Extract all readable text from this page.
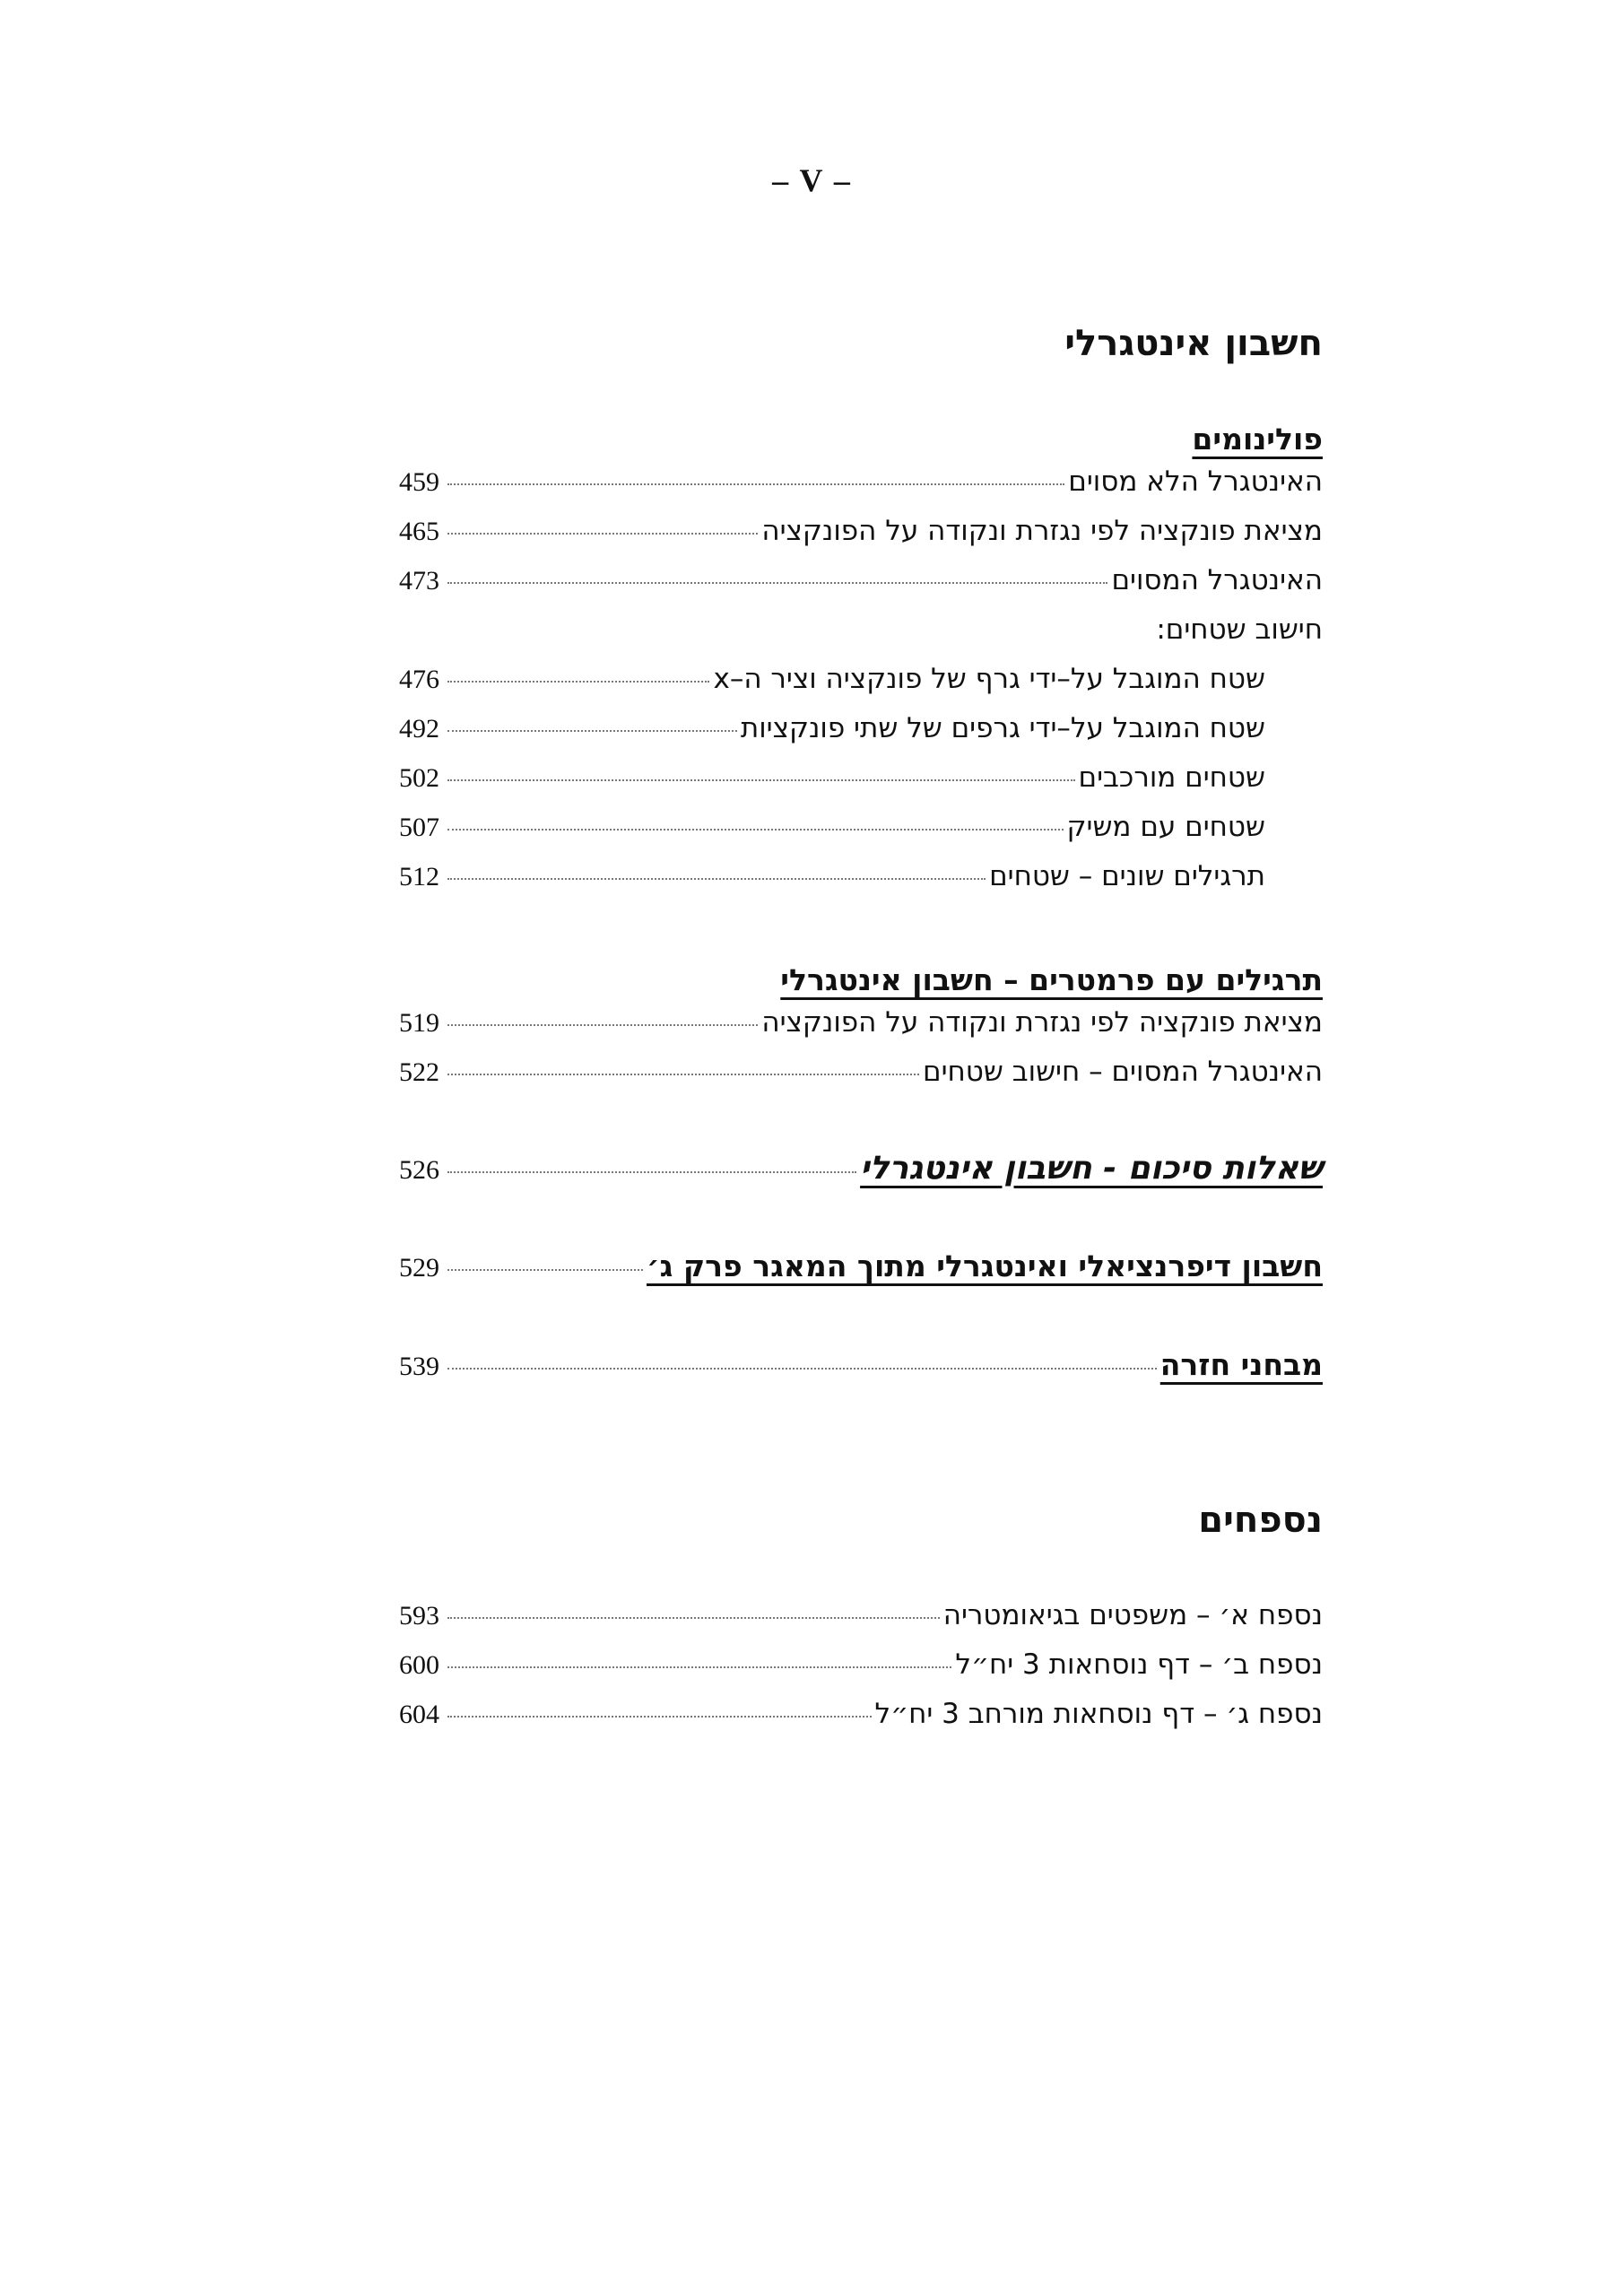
– V –
חשבון אינטגרלי
פולינומים
האינטגרל הלא מסוים
459
מציאת פונקציה לפי נגזרת ונקודה על הפונקציה
465
האינטגרל המסוים
473
חישוב שטחים:
שטח המוגבל על–ידי גרף של פונקציה וציר ה–x
476
שטח המוגבל על–ידי גרפים של שתי פונקציות
492
שטחים מורכבים
502
שטחים עם משיק
507
תרגילים שונים – שטחים
512
תרגילים עם פרמטרים – חשבון אינטגרלי
מציאת פונקציה לפי נגזרת ונקודה על הפונקציה
519
האינטגרל המסוים – חישוב שטחים
522
שאלות סיכום - חשבון אינטגרלי
526
חשבון דיפרנציאלי ואינטגרלי מתוך המאגר פרק ג׳
529
מבחני חזרה
539
נספחים
נספח א׳ – משפטים בגיאומטריה
593
נספח ב׳ – דף נוסחאות 3 יח״ל
600
נספח ג׳ – דף נוסחאות מורחב 3 יח״ל
604
